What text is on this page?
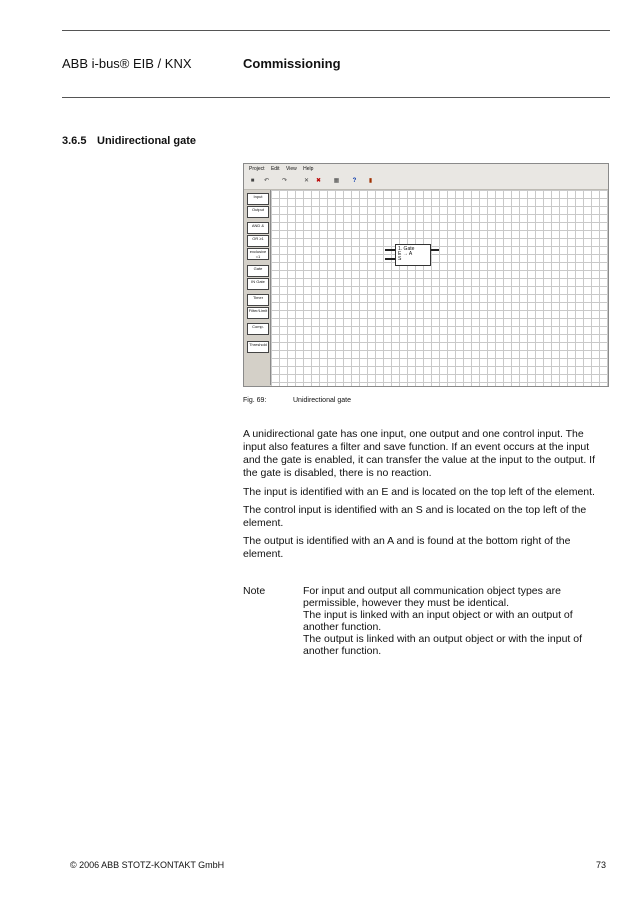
ABB i-bus® EIB / KNX	Commissioning
3.6.5 Unidirectional gate
Project Edit View Help
■	↶	↷	✕	✖	▦	?	▮
Input
Output
AND &
OR ≥1
exclusive =1
Gate
IN Gate
Timer
Filter/Limit
Comp.
Threshold
1. Gate
E → A
S
Fig. 69:	Unidirectional gate
A unidirectional gate has one input, one output and one control input. The input also features a filter and save function. If an event occurs at the input and the gate is enabled, it can transfer the value at the input to the output. If the gate is disabled, there is no reaction.
The input is identified with an E and is located on the top left of the element.
The control input is identified with an S and is located on the top left of the element.
The output is identified with an A and is found at the bottom right of the element.
Note	For input and output all communication object types are permissible, however they must be identical.
The input is linked with an input object or with an output of another function.
The output is linked with an output object or with the input of another function.
© 2006 ABB STOTZ-KONTAKT GmbH	73
